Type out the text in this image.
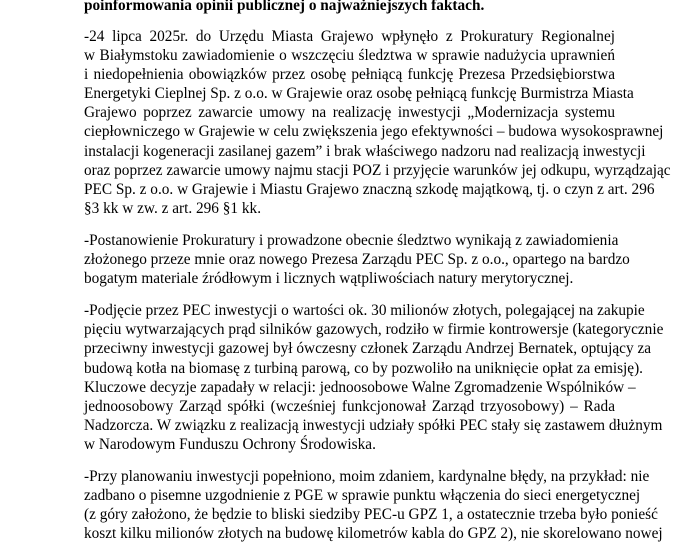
poinformowania opinii publicznej o najważniejszych faktach.
-24 lipca 2025r. do Urzędu Miasta Grajewo wpłynęło z Prokuratury Regionalnej
w Białymstoku zawiadomienie o wszczęciu śledztwa w sprawie nadużycia uprawnień
i niedopełnienia obowiązków przez osobę pełniącą funkcję Prezesa Przedsiębiorstwa
Energetyki Cieplnej Sp. z o.o. w Grajewie oraz osobę pełniącą funkcję Burmistrza Miasta
Grajewo poprzez zawarcie umowy na realizację inwestycji „Modernizacja systemu
ciepłowniczego w Grajewie w celu zwiększenia jego efektywności – budowa wysokosprawnej
instalacji kogeneracji zasilanej gazem” i brak właściwego nadzoru nad realizacją inwestycji
oraz poprzez zawarcie umowy najmu stacji POZ i przyjęcie warunków jej odkupu, wyrządzając
PEC Sp. z o.o. w Grajewie i Miastu Grajewo znaczną szkodę majątkową, tj. o czyn z art. 296
§3 kk w zw. z art. 296 §1 kk.
-Postanowienie Prokuratury i prowadzone obecnie śledztwo wynikają z zawiadomienia
złożonego przeze mnie oraz nowego Prezesa Zarządu PEC Sp. z o.o., opartego na bardzo
bogatym materiale źródłowym i licznych wątpliwościach natury merytorycznej.
-Podjęcie przez PEC inwestycji o wartości ok. 30 milionów złotych, polegającej na zakupie
pięciu wytwarzających prąd silników gazowych, rodziło w firmie kontrowersje (kategorycznie
przeciwny inwestycji gazowej był ówczesny członek Zarządu Andrzej Bernatek, optujący za
budową kotła na biomasę z turbiną parową, co by pozwoliło na uniknięcie opłat za emisję).
Kluczowe decyzje zapadały w relacji: jednoosobowe Walne Zgromadzenie Wspólników –
jednoosobowy Zarząd spółki (wcześniej funkcjonował Zarząd trzyosobowy) – Rada
Nadzorcza. W związku z realizacją inwestycji udziały spółki PEC stały się zastawem dłużnym
w Narodowym Funduszu Ochrony Środowiska.
-Przy planowaniu inwestycji popełniono, moim zdaniem, kardynalne błędy, na przykład: nie
zadbano o pisemne uzgodnienie z PGE w sprawie punktu włączenia do sieci energetycznej
(z góry założono, że będzie to bliski siedziby PEC-u GPZ 1, a ostatecznie trzeba było ponieść
koszt kilku milionów złotych na budowę kilometrów kabla do GPZ 2), nie skorelowano nowej
